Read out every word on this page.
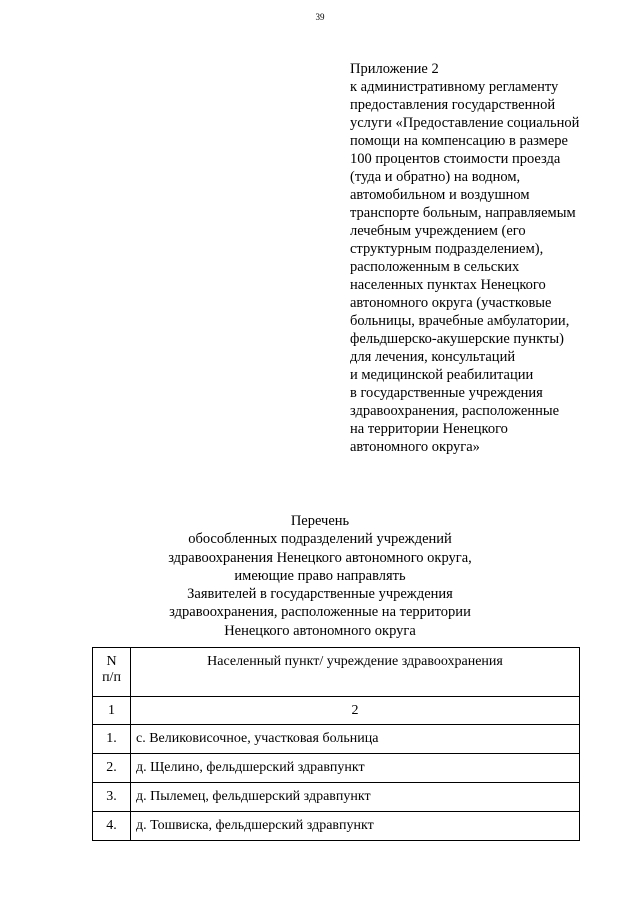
39
Приложение 2
к административному регламенту
предоставления государственной
услуги «Предоставление социальной
помощи на компенсацию в размере
100 процентов стоимости проезда
(туда и обратно) на водном,
автомобильном и воздушном
транспорте больным, направляемым
лечебным учреждением (его
структурным подразделением),
расположенным в сельских
населенных пунктах Ненецкого
автономного округа (участковые
больницы, врачебные амбулатории,
фельдшерско-акушерские пункты)
для лечения, консультаций
и медицинской реабилитации
в государственные учреждения
здравоохранения, расположенные
на территории Ненецкого
автономного округа»
Перечень
обособленных подразделений учреждений
здравоохранения Ненецкого автономного округа,
имеющие право направлять
Заявителей в государственные учреждения
здравоохранения, расположенные на территории
Ненецкого автономного округа
N
п/п	Населенный пункт/ учреждение здравоохранения
1	2
1.	с. Великовисочное, участковая больница
2.	д. Щелино, фельдшерский здравпункт
3.	д. Пылемец, фельдшерский здравпункт
4.	д. Тошвиска, фельдшерский здравпункт
